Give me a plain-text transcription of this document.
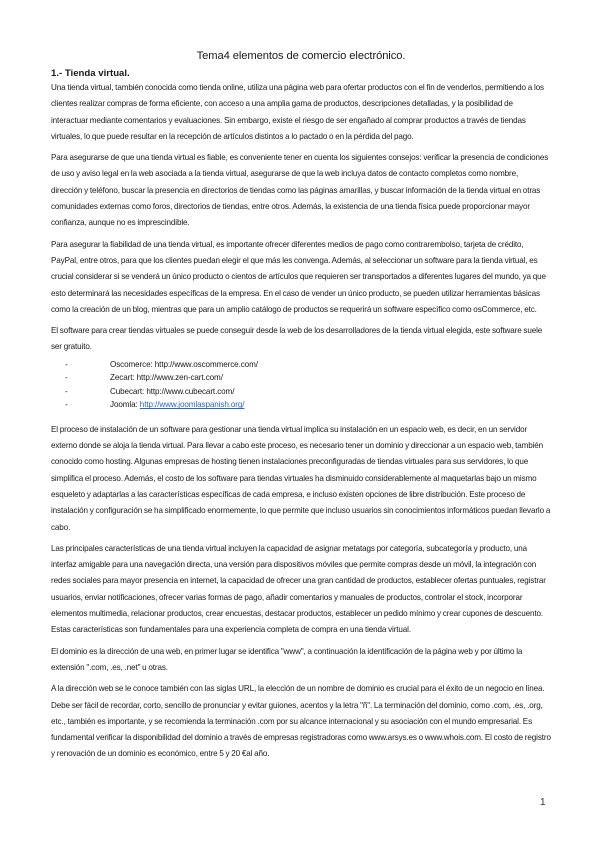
Tema4 elementos de comercio electrónico.
1.- Tienda virtual.

Una tienda virtual, también conocida como tienda online, utiliza una página web para ofertar productos con el fin de venderlos, permitiendo a los clientes realizar compras de forma eficiente, con acceso a una amplia gama de productos, descripciones detalladas, y la posibilidad de interactuar mediante comentarios y evaluaciones. Sin embargo, existe el riesgo de ser engañado al comprar productos a través de tiendas virtuales, lo que puede resultar en la recepción de artículos distintos a lo pactado o en la pérdida del pago.

Para asegurarse de que una tienda virtual es fiable, es conveniente tener en cuenta los siguientes consejos: verificar la presencia de condiciones de uso y aviso legal en la web asociada a la tienda virtual, asegurarse de que la web incluya datos de contacto completos como nombre, dirección y teléfono, buscar la presencia en directorios de tiendas como las páginas amarillas, y buscar información de la tienda virtual en otras comunidades externas como foros, directorios de tiendas, entre otros. Además, la existencia de una tienda física puede proporcionar mayor confianza, aunque no es imprescindible.

Para asegurar la fiabilidad de una tienda virtual, es importante ofrecer diferentes medios de pago como contrarembolso, tarjeta de crédito, PayPal, entre otros, para que los clientes puedan elegir el que más les convenga. Además, al seleccionar un software para la tienda virtual, es crucial considerar si se venderá un único producto o cientos de artículos que requieren ser transportados a diferentes lugares del mundo, ya que esto determinará las necesidades específicas de la empresa. En el caso de vender un único producto, se pueden utilizar herramientas básicas como la creación de un blog, mientras que para un amplio catálogo de productos se requerirá un software específico como osCommerce, etc.

El software para crear tiendas virtuales se puede conseguir desde la web de los desarrolladores de la tienda virtual elegida, este software suele ser gratuito.

-	Oscomerce: http://www.oscommerce.com/
-	Zecart: http://www.zen-cart.com/
-	Cubecart: http://www.cubecart.com/
-	Joomla: http://www.joomlaspanish.org/

El proceso de instalación de un software para gestionar una tienda virtual implica su instalación en un espacio web, es decir, en un servidor externo donde se aloja la tienda virtual. Para llevar a cabo este proceso, es necesario tener un dominio y direccionar a un espacio web, también conocido como hosting. Algunas empresas de hosting tienen instalaciones preconfiguradas de tiendas virtuales para sus servidores, lo que simplifica el proceso. Además, el costo de los software para tiendas virtuales ha disminuido considerablemente al maquetarlas bajo un mismo esqueleto y adaptarlas a las características específicas de cada empresa, e incluso existen opciones de libre distribución. Este proceso de instalación y configuración se ha simplificado enormemente, lo que permite que incluso usuarios sin conocimientos informáticos puedan llevarlo a cabo.

Las principales características de una tienda virtual incluyen la capacidad de asignar metatags por categoría, subcategoría y producto, una interfaz amigable para una navegación directa, una versión para dispositivos móviles que permite compras desde un móvil, la integración con redes sociales para mayor presencia en internet, la capacidad de ofrecer una gran cantidad de productos, establecer ofertas puntuales, registrar usuarios, enviar notificaciones, ofrecer varias formas de pago, añadir comentarios y manuales de productos, controlar el stock, incorporar elementos multimedia, relacionar productos, crear encuestas, destacar productos, establecer un pedido mínimo y crear cupones de descuento. Estas características son fundamentales para una experiencia completa de compra en una tienda virtual.

El dominio es la dirección de una web, en primer lugar se identifica "www", a continuación la identificación de la página web y por último la extensión ".com, .es, .net" u otras.

A la dirección web se le conoce también con las siglas URL, la elección de un nombre de dominio es crucial para el éxito de un negocio en línea. Debe ser fácil de recordar, corto, sencillo de pronunciar y evitar guiones, acentos y la letra "ñ". La terminación del dominio, como .com, .es, .org, etc., también es importante, y se recomienda la terminación .com por su alcance internacional y su asociación con el mundo empresarial. Es fundamental verificar la disponibilidad del dominio a través de empresas registradoras como www.arsys.es o www.whois.com. El costo de registro y renovación de un dominio es económico, entre 5 y 20 €al año.

1
